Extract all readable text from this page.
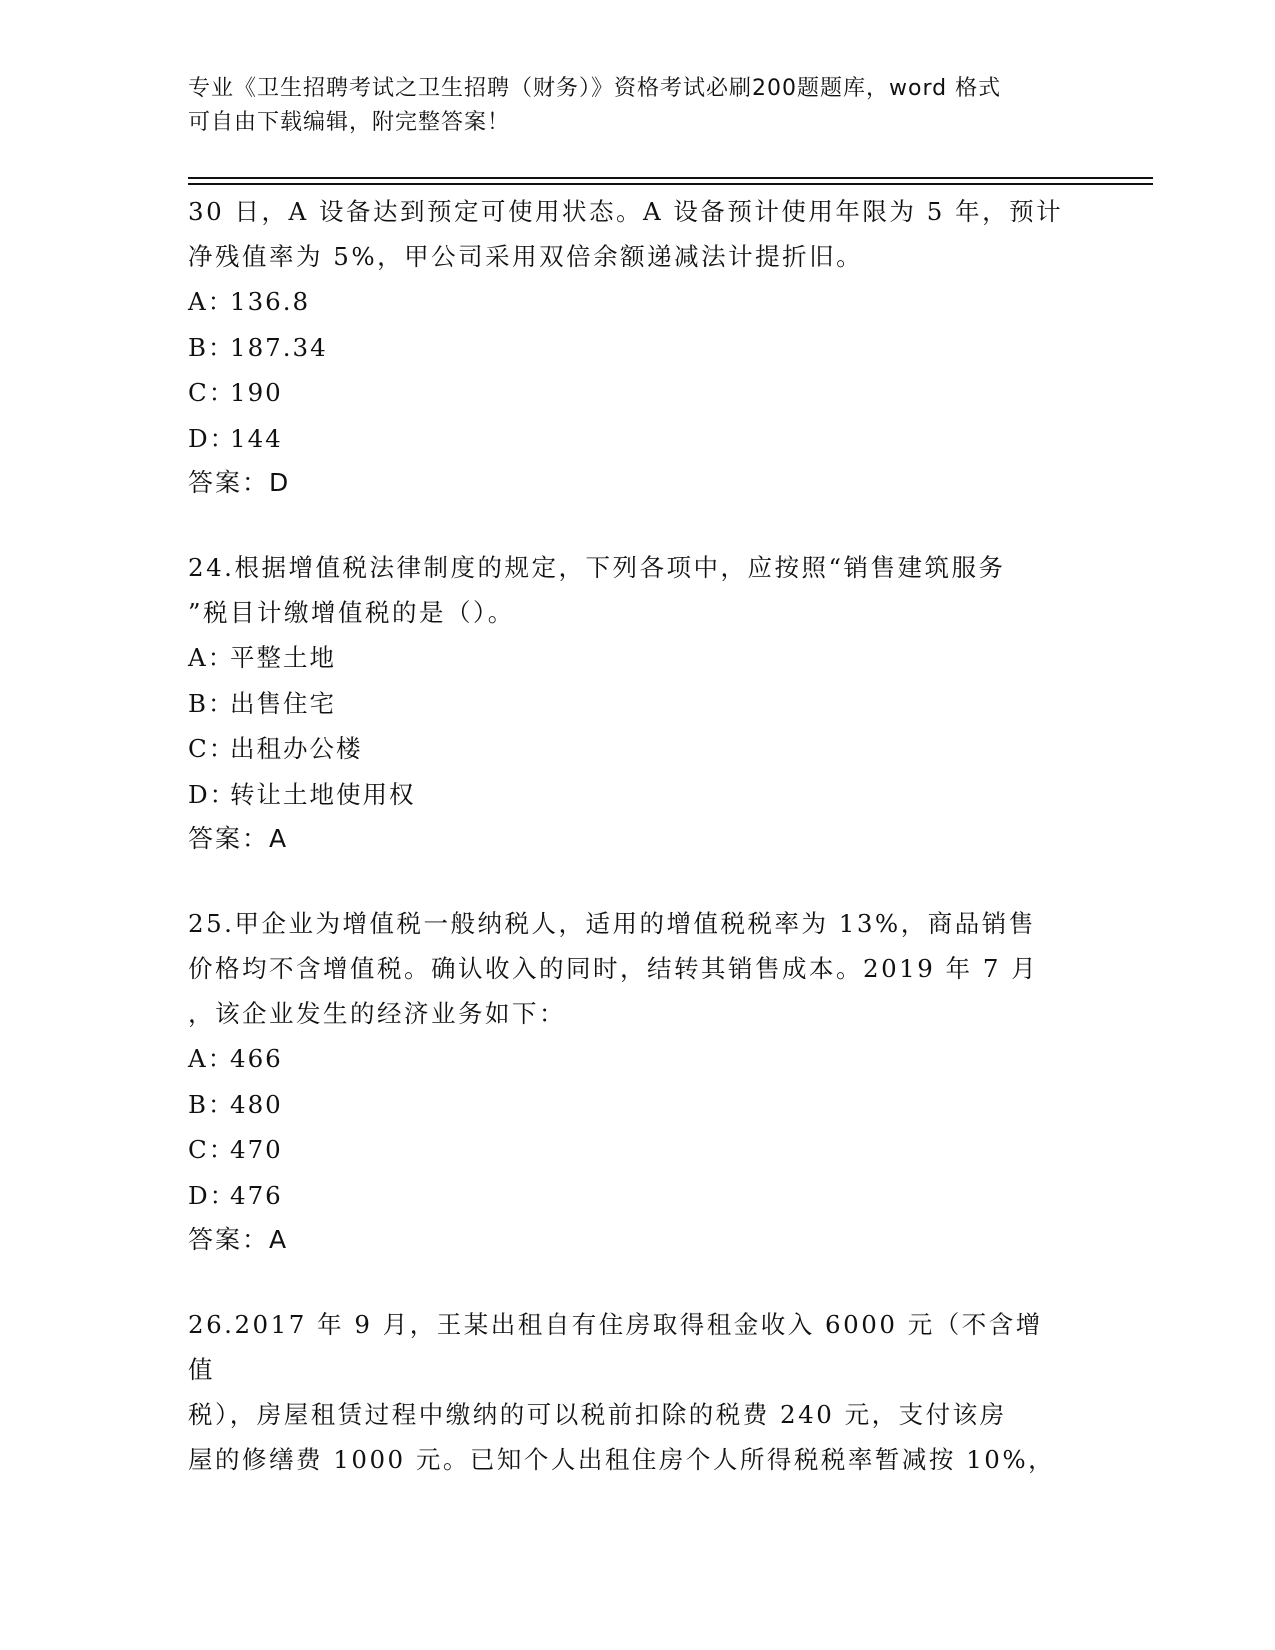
专业《卫生招聘考试之卫生招聘（财务）》资格考试必刷200题题库，word 格式
可自由下载编辑，附完整答案！

30 日，A 设备达到预定可使用状态。A 设备预计使用年限为 5 年，预计

净残值率为 5%，甲公司采用双倍余额递减法计提折旧。

A：136.8

B：187.34

C：190

D：144

答案：D

24.根据增值税法律制度的规定，下列各项中，应按照“销售建筑服务

”税目计缴增值税的是（）。

A：平整土地

B：出售住宅

C：出租办公楼

D：转让土地使用权

答案：A

25.甲企业为增值税一般纳税人，适用的增值税税率为 13%，商品销售

价格均不含增值税。确认收入的同时，结转其销售成本。2019 年 7 月

，该企业发生的经济业务如下：

A：466

B：480

C：470

D：476

答案：A

26.2017 年 9 月，王某出租自有住房取得租金收入 6000 元（不含增值

税），房屋租赁过程中缴纳的可以税前扣除的税费 240 元，支付该房

屋的修缮费 1000 元。已知个人出租住房个人所得税税率暂减按 10%，
